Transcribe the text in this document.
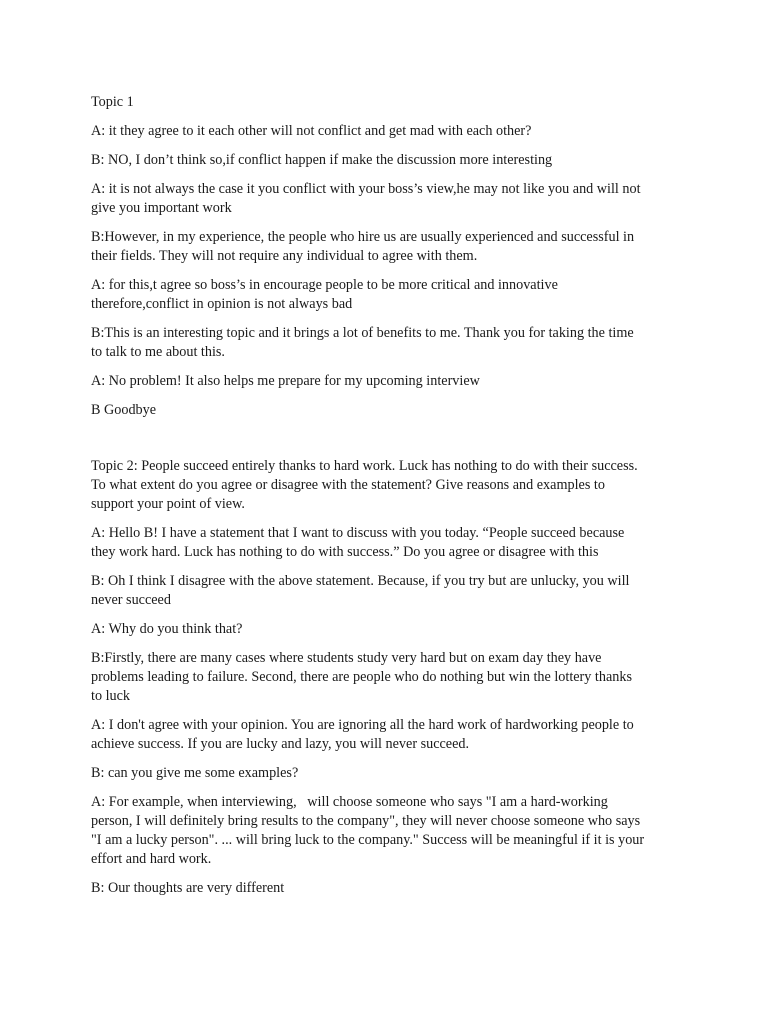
Topic 1

A: it they agree to it each other will not conflict and get mad with each other?

B: NO, I don’t think so,if conflict happen if make the discussion more interesting

A: it is not always the case it you conflict with your boss’s view,he may not like you and will not
give you important work

B:However, in my experience, the people who hire us are usually experienced and successful in
their fields. They will not require any individual to agree with them.

A: for this,t agree so boss’s in encourage people to be more critical and innovative
therefore,conflict in opinion is not always bad

B:This is an interesting topic and it brings a lot of benefits to me. Thank you for taking the time
to talk to me about this.

A: No problem! It also helps me prepare for my upcoming interview

B Goodbye

Topic 2: People succeed entirely thanks to hard work. Luck has nothing to do with their success.
To what extent do you agree or disagree with the statement? Give reasons and examples to
support your point of view.

A: Hello B! I have a statement that I want to discuss with you today. “People succeed because
they work hard. Luck has nothing to do with success.” Do you agree or disagree with this

B: Oh I think I disagree with the above statement. Because, if you try but are unlucky, you will
never succeed

A: Why do you think that?

B:Firstly, there are many cases where students study very hard but on exam day they have
problems leading to failure. Second, there are people who do nothing but win the lottery thanks
to luck

A: I don't agree with your opinion. You are ignoring all the hard work of hardworking people to
achieve success. If you are lucky and lazy, you will never succeed.

B: can you give me some examples?

A: For example, when interviewing,   will choose someone who says "I am a hard-working
person, I will definitely bring results to the company", they will never choose someone who says
"I am a lucky person". ... will bring luck to the company." Success will be meaningful if it is your
effort and hard work.

B: Our thoughts are very different
